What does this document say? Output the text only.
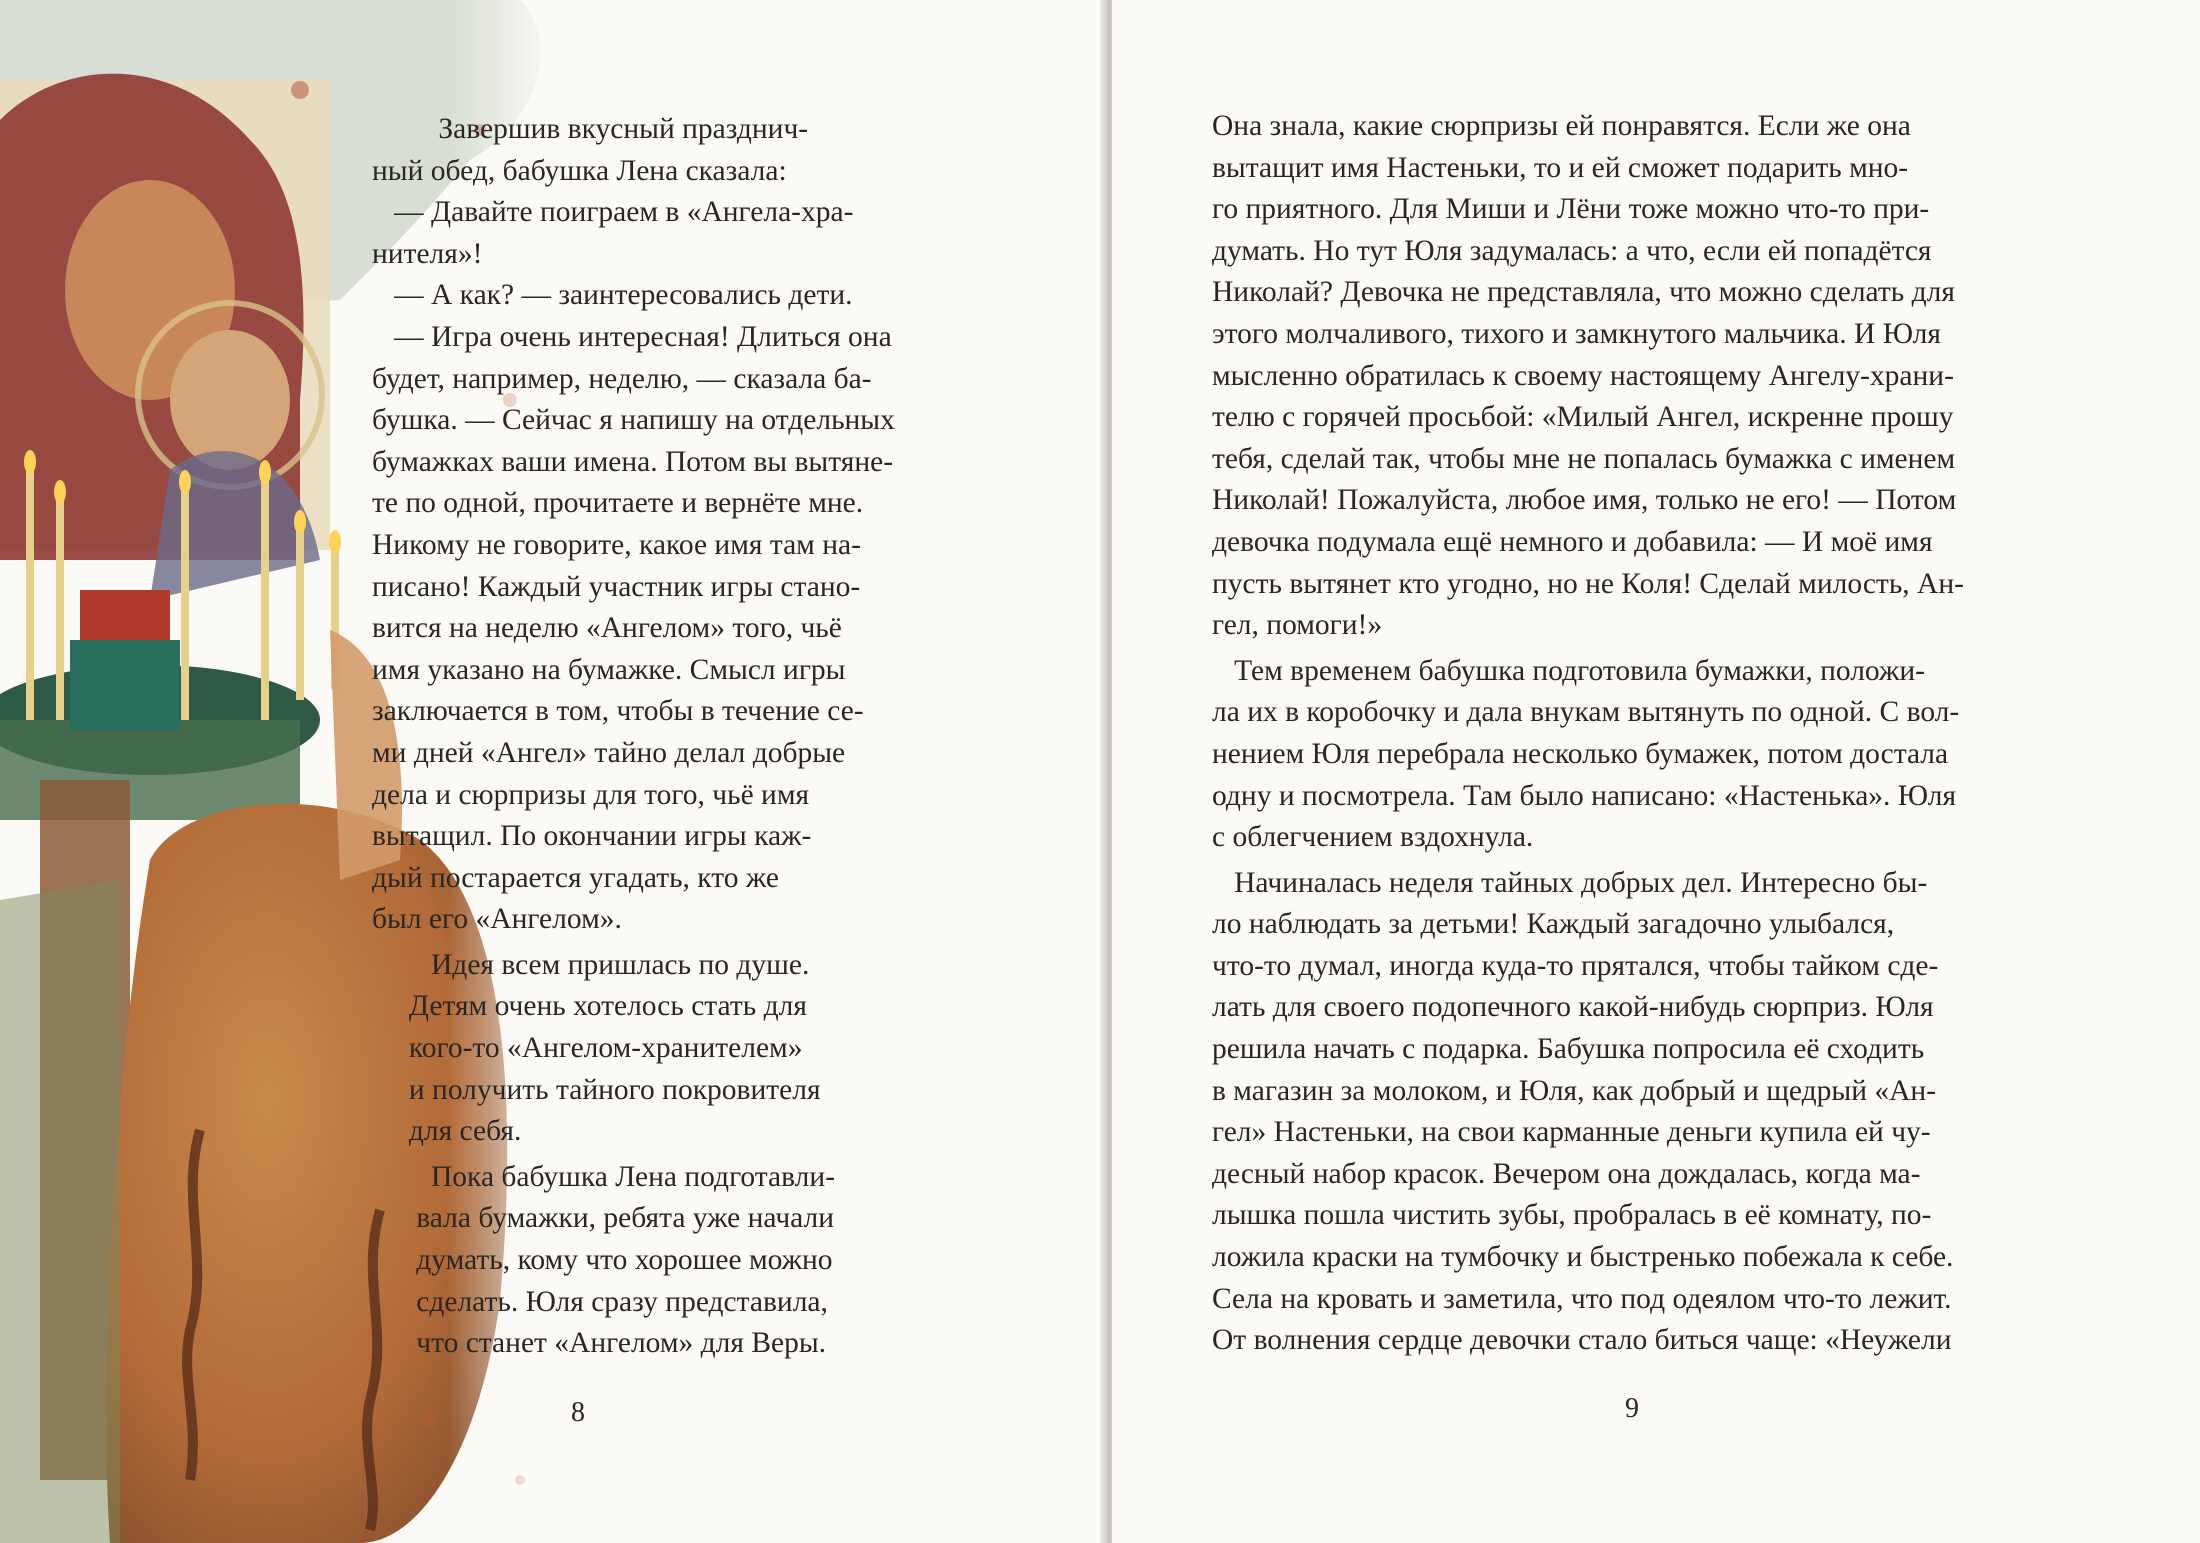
Завершив вкусный празднич-

ный обед, бабушка Лена сказала:

— Давайте поиграем в «Ангела-хра-

нителя»!

— А как? — заинтересовались дети.

— Игра очень интересная! Длиться она

будет, например, неделю, — сказала ба-

бушка. — Сейчас я напишу на отдельных

бумажках ваши имена. Потом вы вытяне-

те по одной, прочитаете и вернёте мне.

Никому не говорите, какое имя там на-

писано! Каждый участник игры стано-

вится на неделю «Ангелом» того, чьё

имя указано на бумажке. Смысл игры

заключается в том, чтобы в течение се-

ми дней «Ангел» тайно делал добрые

дела и сюрпризы для того, чьё имя

вытащил. По окончании игры каж-

дый постарается угадать, кто же

был его «Ангелом».

Идея всем пришлась по душе.

Детям очень хотелось стать для

кого-то «Ангелом-хранителем»

и получить тайного покровителя

для себя.

Пока бабушка Лена подготавли-

вала бумажки, ребята уже начали

думать, кому что хорошее можно

сделать. Юля сразу представила,

что станет «Ангелом» для Веры.

8

Она знала, какие сюрпризы ей понравятся. Если же она

вытащит имя Настеньки, то и ей сможет подарить мно-

го приятного. Для Миши и Лёни тоже можно что-то при-

думать. Но тут Юля задумалась: а что, если ей попадётся

Николай? Девочка не представляла, что можно сделать для

этого молчаливого, тихого и замкнутого мальчика. И Юля

мысленно обратилась к своему настоящему Ангелу-храни-

телю с горячей просьбой: «Милый Ангел, искренне прошу

тебя, сделай так, чтобы мне не попалась бумажка с именем

Николай! Пожалуйста, любое имя, только не его! — Потом

девочка подумала ещё немного и добавила: — И моё имя

пусть вытянет кто угодно, но не Коля! Сделай милость, Ан-

гел, помоги!»

Тем временем бабушка подготовила бумажки, положи-

ла их в коробочку и дала внукам вытянуть по одной. С вол-

нением Юля перебрала несколько бумажек, потом достала

одну и посмотрела. Там было написано: «Настенька». Юля

с облегчением вздохнула.

Начиналась неделя тайных добрых дел. Интересно бы-

ло наблюдать за детьми! Каждый загадочно улыбался,

что-то думал, иногда куда-то прятался, чтобы тайком сде-

лать для своего подопечного какой-нибудь сюрприз. Юля

решила начать с подарка. Бабушка попросила её сходить

в магазин за молоком, и Юля, как добрый и щедрый «Ан-

гел» Настеньки, на свои карманные деньги купила ей чу-

десный набор красок. Вечером она дождалась, когда ма-

лышка пошла чистить зубы, пробралась в её комнату, по-

ложила краски на тумбочку и быстренько побежала к себе.

Села на кровать и заметила, что под одеялом что-то лежит.

От волнения сердце девочки стало биться чаще: «Неужели

9
